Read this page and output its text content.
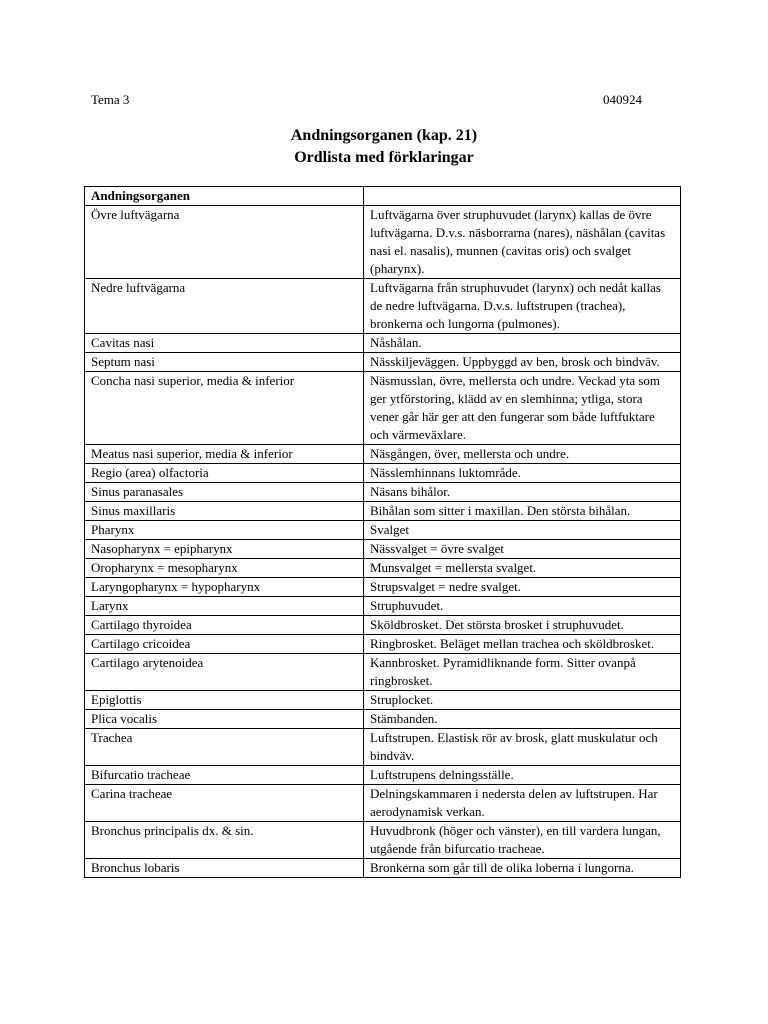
Tema 3	040924
Andningsorganen (kap. 21)
Ordlista med förklaringar
Andningsorganen	
Övre luftvägarna	Luftvägarna över struphuvudet (larynx) kallas de övre luftvägarna. D.v.s. näsborrarna (nares), näshålan (cavitas nasi el. nasalis), munnen (cavitas oris) och svalget (pharynx).
Nedre luftvägarna	Luftvägarna från struphuvudet (larynx) och nedåt kallas de nedre luftvägarna. D.v.s. luftstrupen (trachea), bronkerna och lungorna (pulmones).
Cavitas nasi	Nåshålan.
Septum nasi	Nässkiljeväggen. Uppbyggd av ben, brosk och bindväv.
Concha nasi superior, media & inferior	Näsmusslan, övre, mellersta och undre. Veckad yta som ger ytförstoring, klädd av en slemhinna; ytliga, stora vener går här ger att den fungerar som både luftfuktare och värmeväxlare.
Meatus nasi superior, media & inferior	Näsgången, över, mellersta och undre.
Regio (area) olfactoria	Nässlemhinnans luktområde.
Sinus paranasales	Näsans bihålor.
Sinus maxillaris	Bihålan som sitter i maxillan. Den största bihålan.
Pharynx	Svalget
Nasopharynx = epipharynx	Nässvalget = övre svalget
Oropharynx = mesopharynx	Munsvalget = mellersta svalget.
Laryngopharynx = hypopharynx	Strupsvalget = nedre svalget.
Larynx	Struphuvudet.
Cartilago thyroidea	Sköldbrosket. Det största brosket i struphuvudet.
Cartilago cricoidea	Ringbrosket. Beläget mellan trachea och sköldbrosket.
Cartilago arytenoidea	Kannbrosket. Pyramidliknande form. Sitter ovanpå ringbrosket.
Epiglottis	Struplocket.
Plica vocalis	Stämbanden.
Trachea	Luftstrupen. Elastisk rör av brosk, glatt muskulatur och bindväv.
Bifurcatio tracheae	Luftstrupens delningsställe.
Carina tracheae	Delningskammaren i nedersta delen av luftstrupen. Har aerodynamisk verkan.
Bronchus principalis dx. & sin.	Huvudbronk (höger och vänster), en till vardera lungan, utgående från bifurcatio tracheae.
Bronchus lobaris	Bronkerna som går till de olika loberna i lungorna.
